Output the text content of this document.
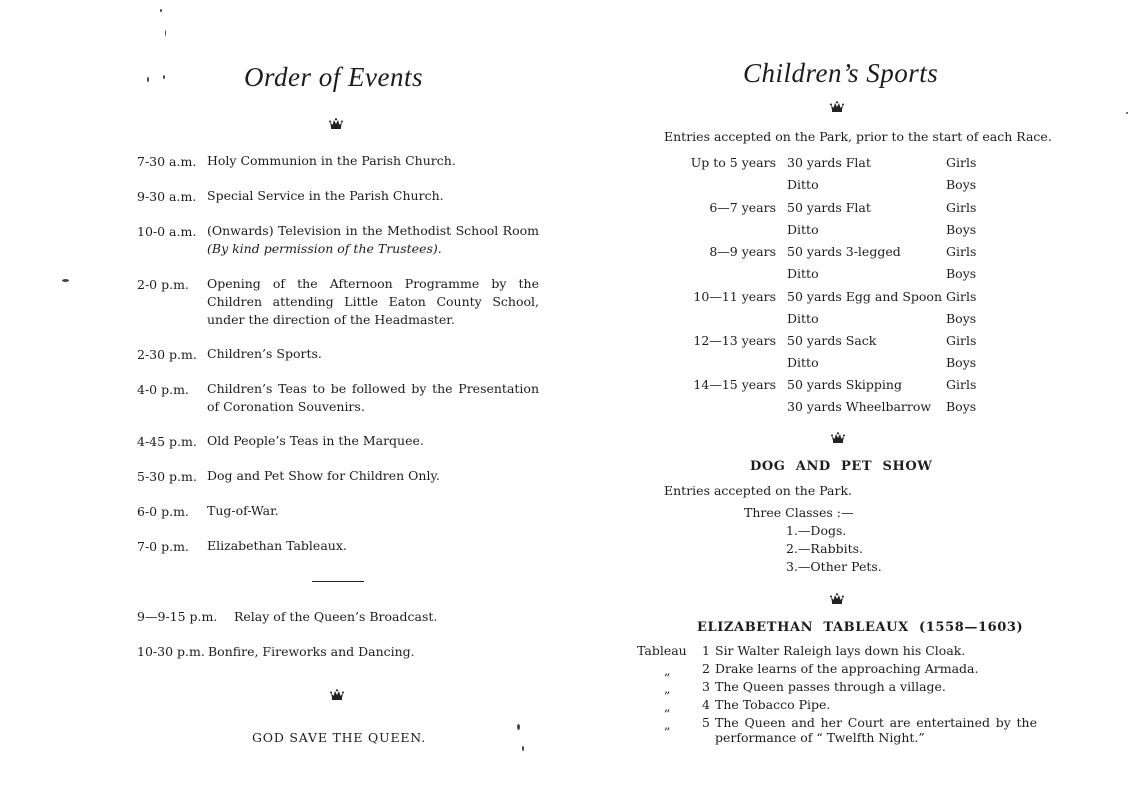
Order of Events
7-30 a.m. Holy Communion in the Parish Church.
9-30 a.m. Special Service in the Parish Church.
10-0 a.m. (Onwards) Television in the Methodist School Room
(By kind permission of the Trustees).
2-0 p.m. Opening of the Afternoon Programme by the Children attending Little Eaton County School, under the direction of the Headmaster.
2-30 p.m. Children’s Sports.
4-0 p.m. Children’s Teas to be followed by the Presentation of Coronation Souvenirs.
4-45 p.m. Old People’s Teas in the Marquee.
5-30 p.m. Dog and Pet Show for Children Only.
6-0 p.m. Tug-of-War.
7-0 p.m. Elizabethan Tableaux.
9—9-15 p.m. Relay of the Queen’s Broadcast.
10-30 p.m. Bonfire, Fireworks and Dancing.
GOD SAVE THE QUEEN.
Children’s Sports
Entries accepted on the Park, prior to the start of each Race.
Up to 5 years 30 yards Flat	Girls
Ditto	Boys
6—7 years 50 yards Flat	Girls
Ditto	Boys
8—9 years 50 yards 3-legged	Girls
Ditto	Boys
10—11 years 50 yards Egg and Spoon Girls
Ditto	Boys
12—13 years 50 yards Sack	Girls
Ditto	Boys
14—15 years 50 yards Skipping	Girls
30 yards Wheelbarrow Boys
DOG  AND  PET  SHOW
Entries accepted on the Park.
Three Classes :—
1.—Dogs.
2.—Rabbits.
3.—Other Pets.
ELIZABETHAN  TABLEAUX  (1558—1603)
Tableau 1 Sir Walter Raleigh lays down his Cloak.
„	2 Drake learns of the approaching Armada.
„	3 The Queen passes through a village.
„	4 The Tobacco Pipe.
„	5 The Queen and her Court are entertained by the performance of “ Twelfth Night.”
